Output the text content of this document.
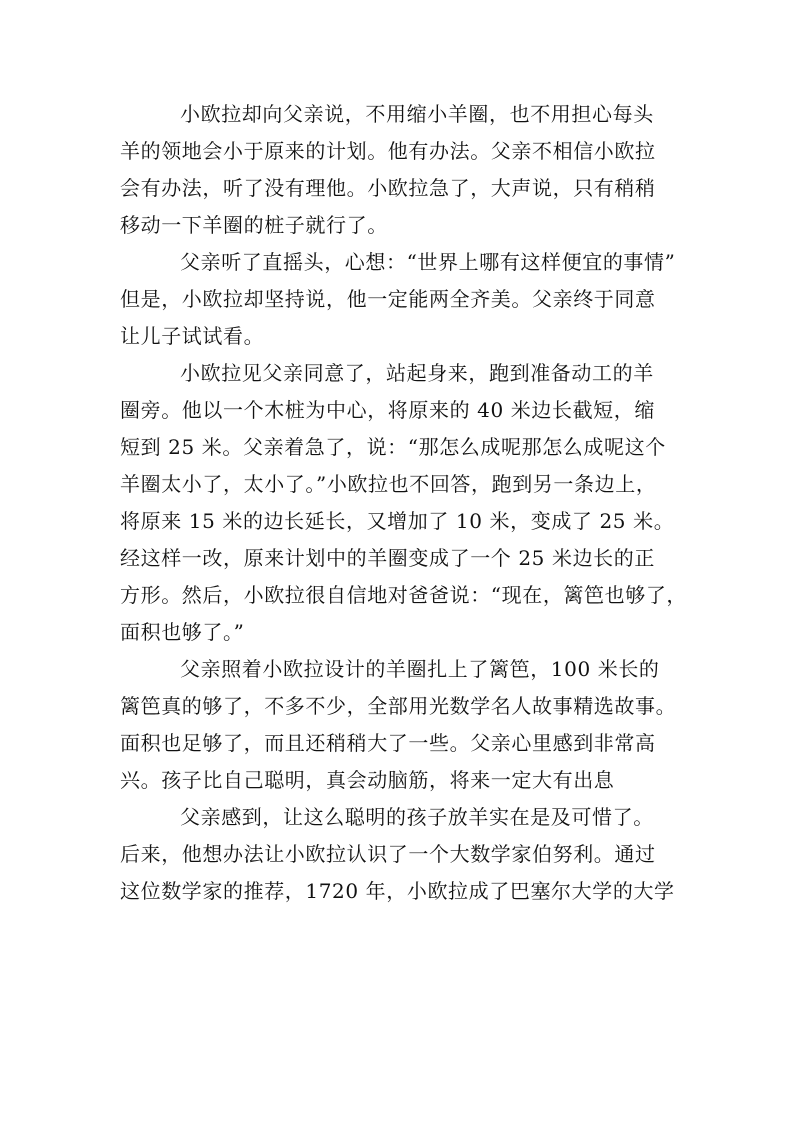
小欧拉却向父亲说，不用缩小羊圈，也不用担心每头
羊的领地会小于原来的计划。他有办法。父亲不相信小欧拉
会有办法，听了没有理他。小欧拉急了，大声说，只有稍稍
移动一下羊圈的桩子就行了。
父亲听了直摇头，心想：“世界上哪有这样便宜的事情”
但是，小欧拉却坚持说，他一定能两全齐美。父亲终于同意
让儿子试试看。
小欧拉见父亲同意了，站起身来，跑到准备动工的羊
圈旁。他以一个木桩为中心，将原来的 40 米边长截短，缩
短到 25 米。父亲着急了，说：“那怎么成呢那怎么成呢这个
羊圈太小了，太小了。”小欧拉也不回答，跑到另一条边上，
将原来 15 米的边长延长，又增加了 10 米，变成了 25 米。
经这样一改，原来计划中的羊圈变成了一个 25 米边长的正
方形。然后，小欧拉很自信地对爸爸说：“现在，篱笆也够了，
面积也够了。”
父亲照着小欧拉设计的羊圈扎上了篱笆，100 米长的
篱笆真的够了，不多不少，全部用光数学名人故事精选故事。
面积也足够了，而且还稍稍大了一些。父亲心里感到非常高
兴。孩子比自己聪明，真会动脑筋，将来一定大有出息
父亲感到，让这么聪明的孩子放羊实在是及可惜了。
后来，他想办法让小欧拉认识了一个大数学家伯努利。通过
这位数学家的推荐，1720 年，小欧拉成了巴塞尔大学的大学
